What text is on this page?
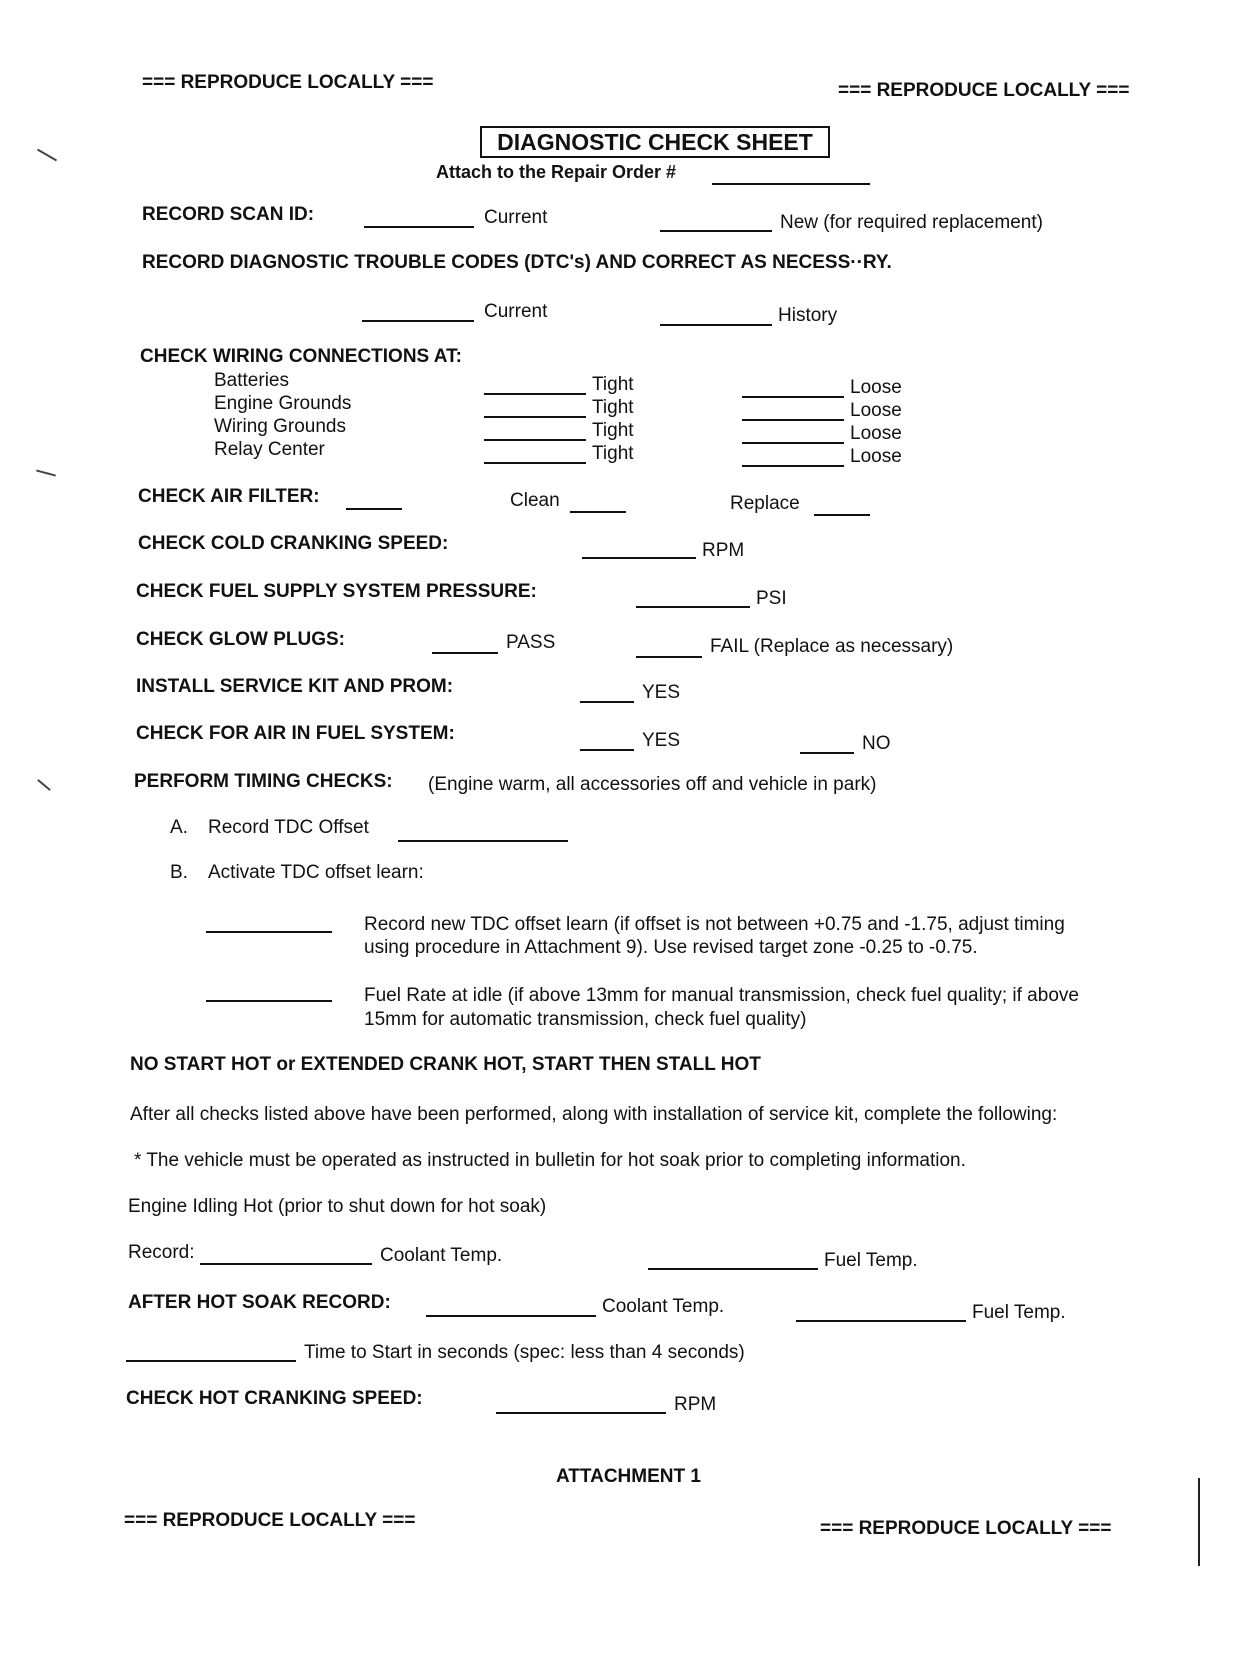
=== REPRODUCE LOCALLY ===	=== REPRODUCE LOCALLY ===
DIAGNOSTIC CHECK SHEET
Attach to the Repair Order #
RECORD SCAN ID:	Current	New (for required replacement)
RECORD DIAGNOSTIC TROUBLE CODES (DTC's) AND CORRECT AS NECESS··RY.
Current	History
CHECK WIRING CONNECTIONS AT:
Batteries	Tight	Loose
Engine Grounds	Tight	Loose
Wiring Grounds	Tight	Loose
Relay Center	Tight	Loose
CHECK AIR FILTER:	Clean	Replace
CHECK COLD CRANKING SPEED:	RPM
CHECK FUEL SUPPLY SYSTEM PRESSURE:	PSI
CHECK GLOW PLUGS:	PASS	FAIL (Replace as necessary)
INSTALL SERVICE KIT AND PROM:	YES
CHECK FOR AIR IN FUEL SYSTEM:	YES	NO
PERFORM TIMING CHECKS: (Engine warm, all accessories off and vehicle in park)
A. Record TDC Offset
B. Activate TDC offset learn:
Record new TDC offset learn (if offset is not between +0.75 and -1.75, adjust timing
using procedure in Attachment 9). Use revised target zone -0.25 to -0.75.
Fuel Rate at idle (if above 13mm for manual transmission, check fuel quality; if above
15mm for automatic transmission, check fuel quality)
NO START HOT or EXTENDED CRANK HOT, START THEN STALL HOT
After all checks listed above have been performed, along with installation of service kit, complete the following:
* The vehicle must be operated as instructed in bulletin for hot soak prior to completing information.
Engine Idling Hot (prior to shut down for hot soak)
Record:	Coolant Temp.	Fuel Temp.
AFTER HOT SOAK RECORD:	Coolant Temp.	Fuel Temp.
Time to Start in seconds (spec: less than 4 seconds)
CHECK HOT CRANKING SPEED:	RPM
ATTACHMENT 1
=== REPRODUCE LOCALLY ===	=== REPRODUCE LOCALLY ===
